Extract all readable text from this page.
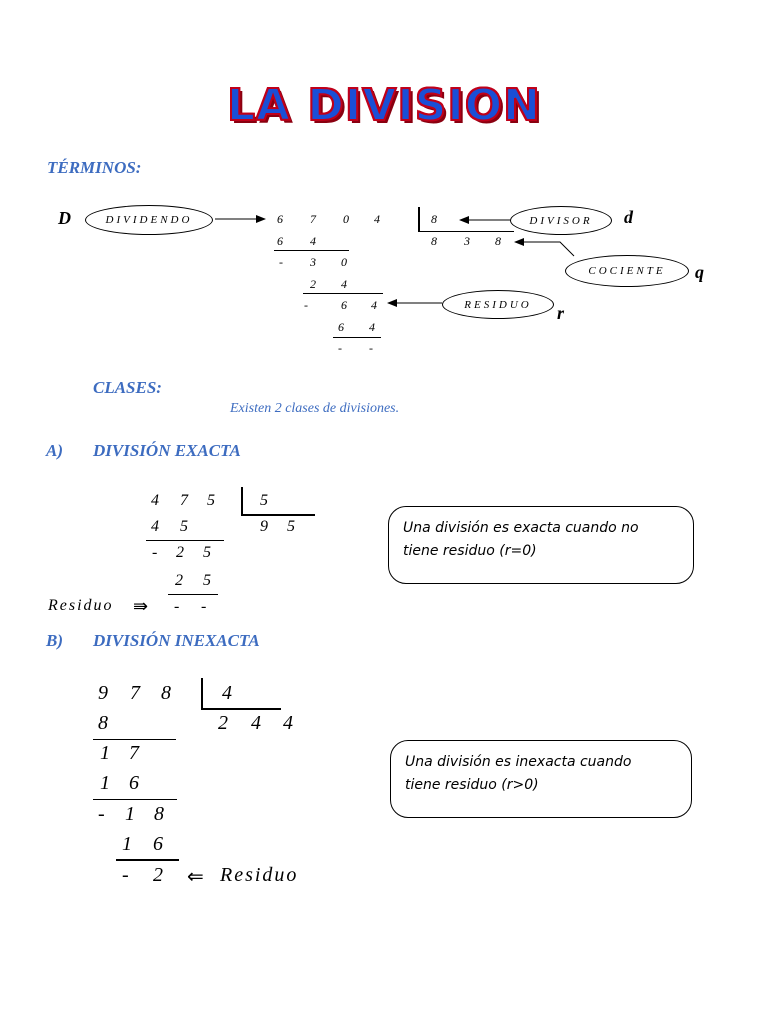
LA DIVISION
TÉRMINOS:
D	DIVIDENDO	6 7 0 4
6 4
- 3 0
2 4
-	6 4
6 4
- -
8
8 3 8
DIVISOR d
COCIENTE q
RESIDUO r
CLASES:
Existen 2 clases de divisiones.
A) DIVISIÓN EXACTA
4 7 5
4 5
- 2 5
2 5
Residuo ⇛ - -
5
9 5	Una división es exacta cuando no
tiene residuo (r=0)
B) DIVISIÓN INEXACTA
9 7 8
8
1 7
1 6
- 1 8
1 6
- 2 ⇐ Residuo
4
2 4 4
Una división es inexacta cuando
tiene residuo (r>0)
